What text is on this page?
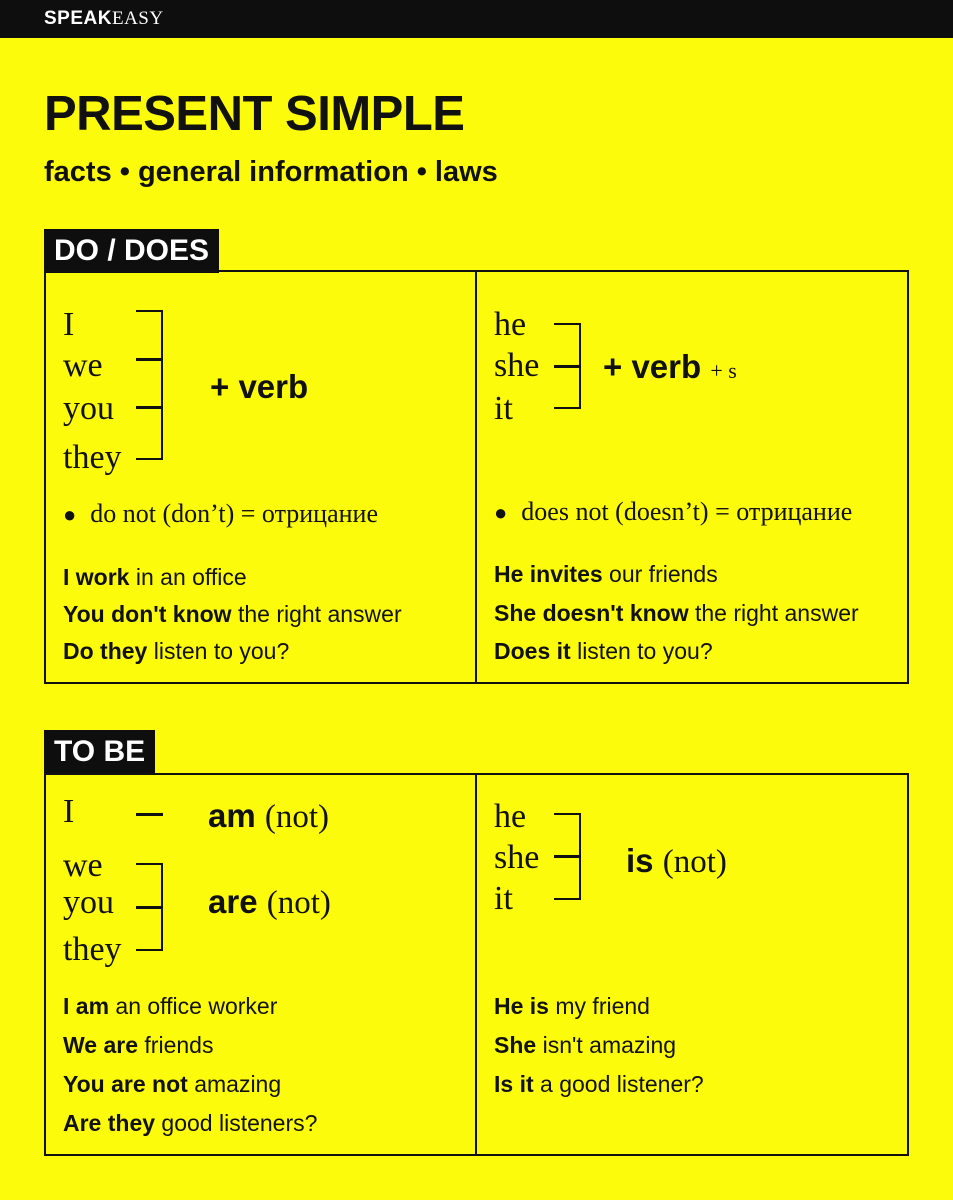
SPEAKEASY
PRESENT SIMPLE
facts • general information • laws
DO / DOES
I
we
you
they
+ verb
● do not (don’t) = отрицание
I work in an office
You don't know the right answer
Do they listen to you?
he
she
it
+ verb + s
● does not (doesn’t) = отрицание
He invites our friends
She doesn't know the right answer
Does it listen to you?
TO BE
I	am (not)
we
you
they
are (not)
I am an office worker
We are friends
You are not amazing
Are they good listeners?
he
she
it
is (not)
He is my friend
She isn't amazing
Is it a good listener?
